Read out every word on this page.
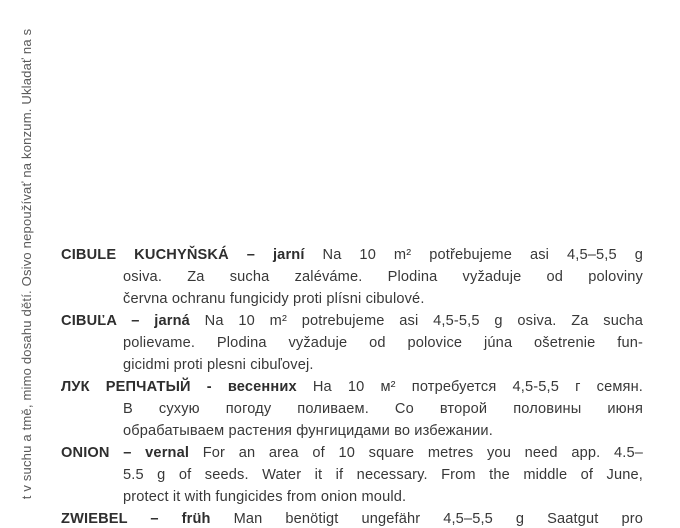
t v suchu a tmě, mimo dosahu dětí. Osivo nepoužívať na konzum. Ukladať na s CIBULE KUCHYŇSKÁ – jarní Na 10 m² potřebujeme asi 4,5–5,5 g
osiva. Za sucha zaléváme. Plodina vyžaduje od poloviny
června ochranu fungicidy proti plísni cibulové.
CIBUĽA – jarná Na 10 m² potrebujeme asi 4,5-5,5 g osiva. Za sucha
polievame. Plodina vyžaduje od polovice júna ošetrenie fun-
gicidmi proti plesni cibuľovej.
ЛУК РЕПЧАТЫЙ - весенних На 10 м² потребуется 4,5-5,5 г семян.
В сухую погоду поливаем. Со второй половины июня
обрабатываем растения фунгицидами во избежании.
ONION – vernal For an area of 10 square metres you need app. 4.5–
5.5 g of seeds. Water it if necessary. From the middle of June,
protect it with fungicides from onion mould.
ZWIEBEL – früh Man benötigt ungefähr 4,5–5,5 g Saatgut pro
